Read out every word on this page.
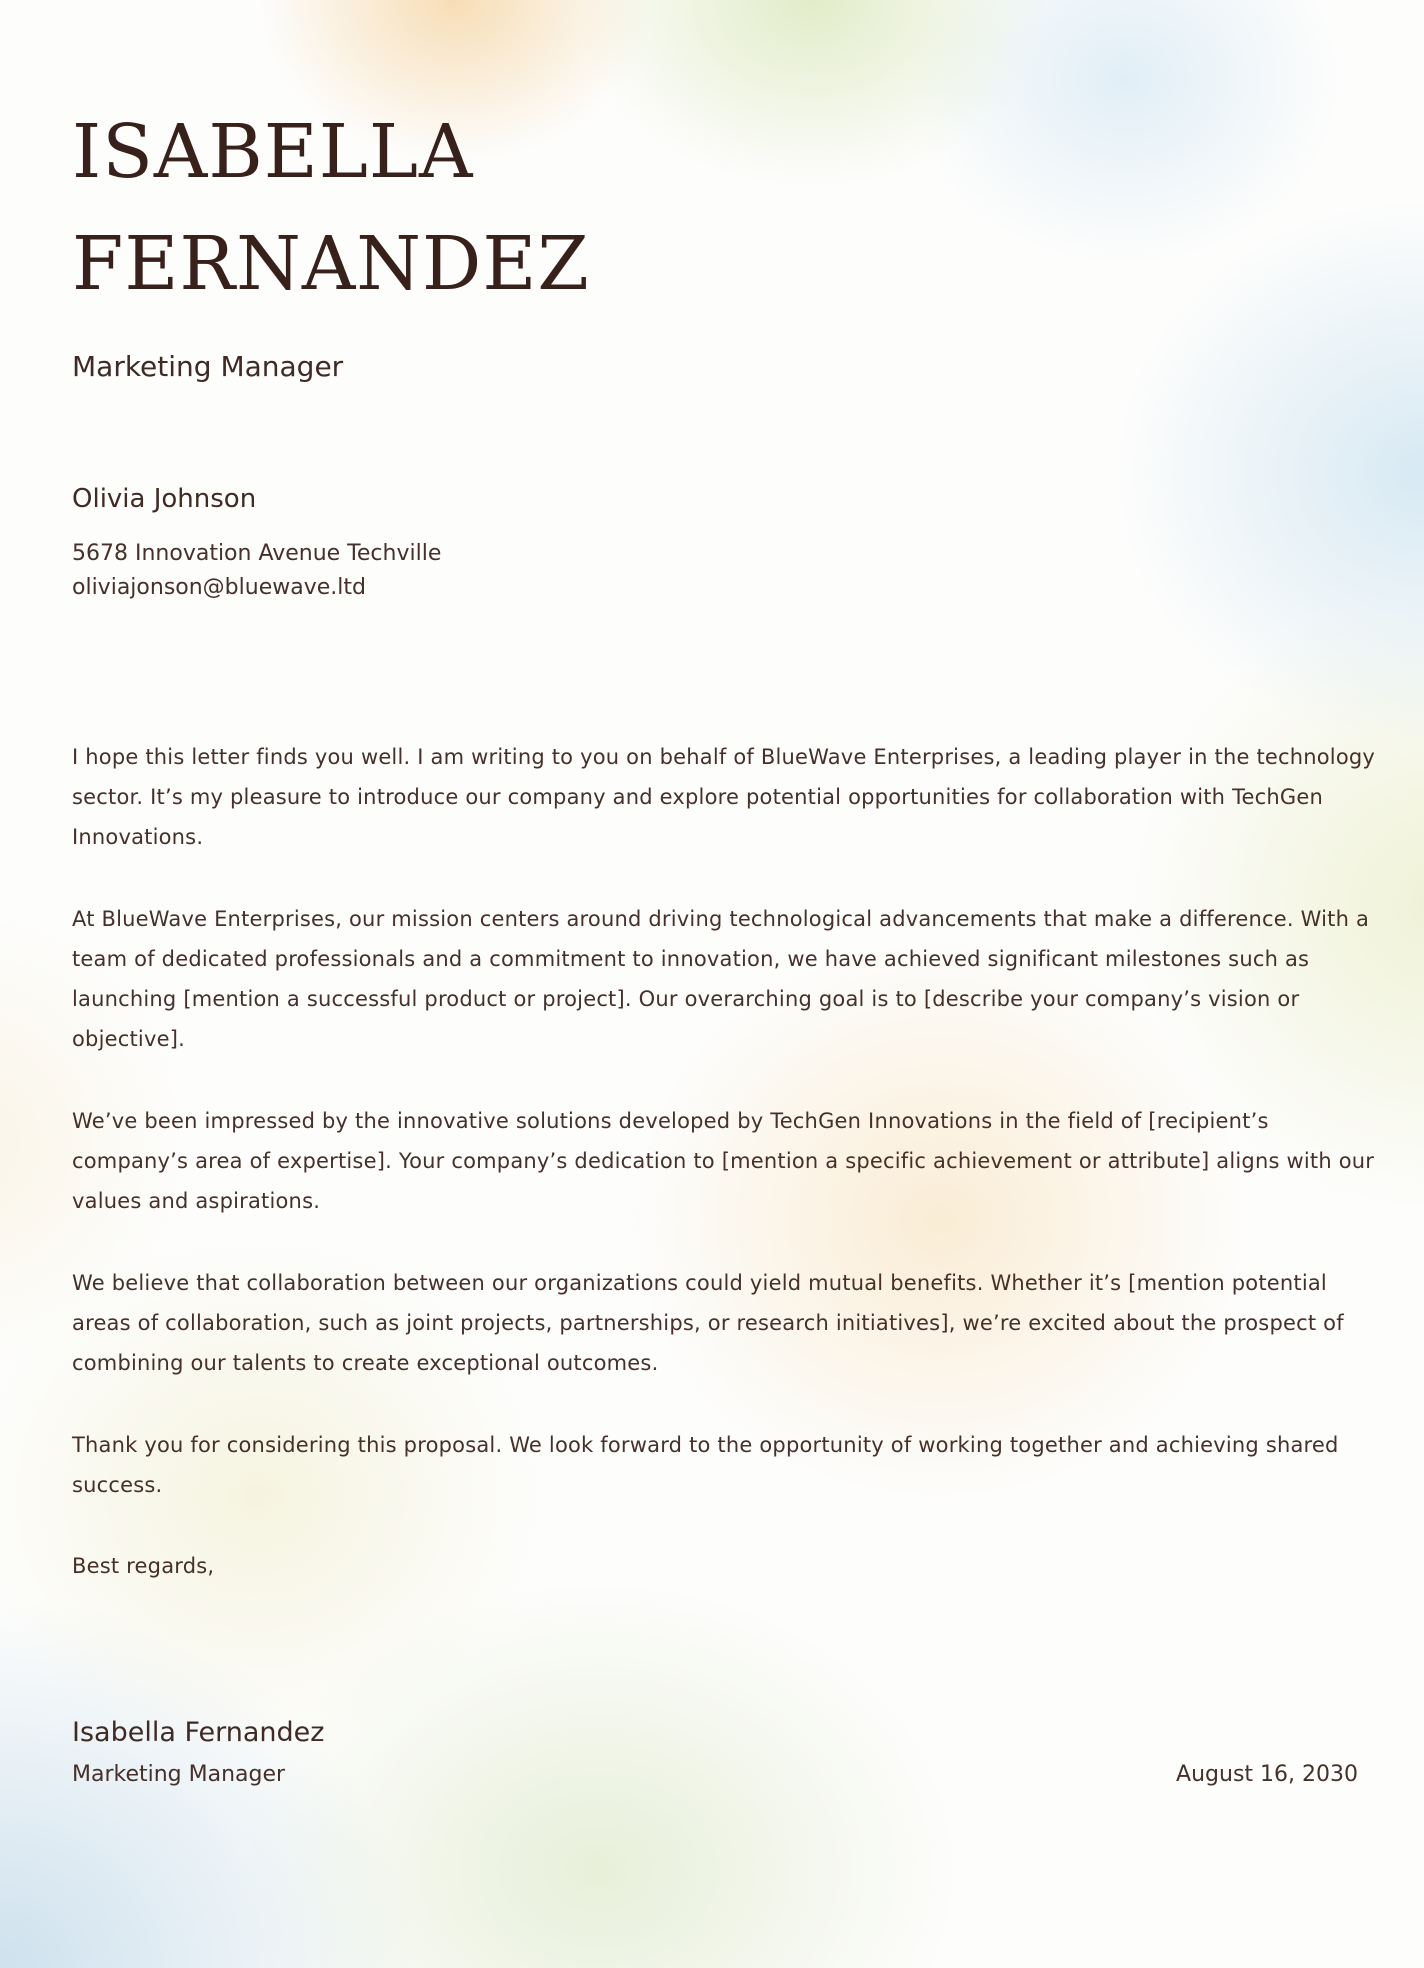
ISABELLA
FERNANDEZ
Marketing Manager
Olivia Johnson
5678 Innovation Avenue Techville
oliviajonson@bluewave.ltd

I hope this letter finds you well. I am writing to you on behalf of BlueWave Enterprises, a leading player in the technology sector. It’s my pleasure to introduce our company and explore potential opportunities for collaboration with TechGen Innovations.

At BlueWave Enterprises, our mission centers around driving technological advancements that make a difference. With a team of dedicated professionals and a commitment to innovation, we have achieved significant milestones such as launching [mention a successful product or project]. Our overarching goal is to [describe your company’s vision or objective].

We’ve been impressed by the innovative solutions developed by TechGen Innovations in the field of [recipient’s company’s area of expertise]. Your company’s dedication to [mention a specific achievement or attribute] aligns with our values and aspirations.

We believe that collaboration between our organizations could yield mutual benefits. Whether it’s [mention potential areas of collaboration, such as joint projects, partnerships, or research initiatives], we’re excited about the prospect of combining our talents to create exceptional outcomes.

Thank you for considering this proposal. We look forward to the opportunity of working together and achieving shared success.

Best regards,
Isabella Fernandez
Marketing Manager	August 16, 2030
